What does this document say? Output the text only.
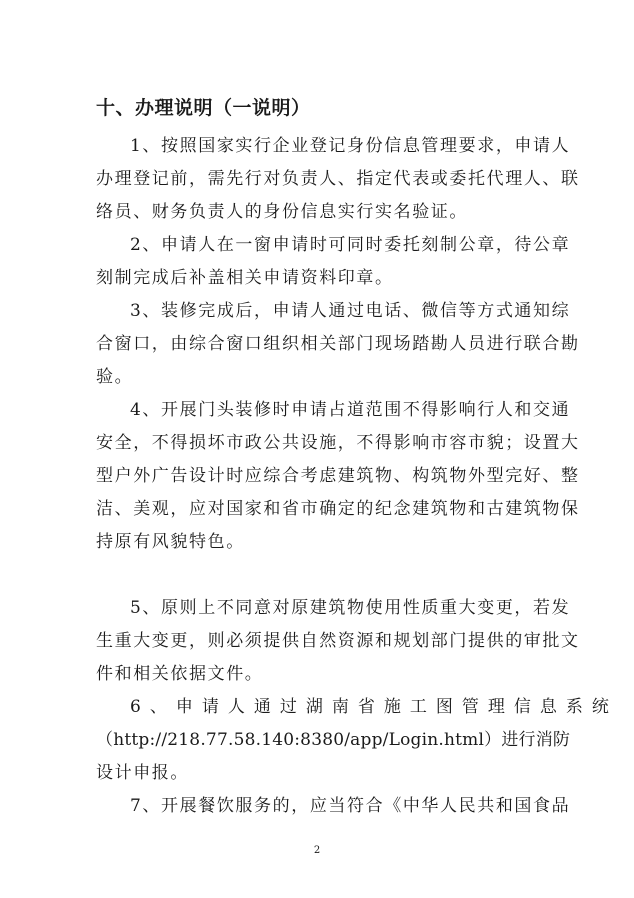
十、办理说明（一说明）
1、按照国家实行企业登记身份信息管理要求，申请人
办理登记前，需先行对负责人、指定代表或委托代理人、联
络员、财务负责人的身份信息实行实名验证。
2、申请人在一窗申请时可同时委托刻制公章，待公章
刻制完成后补盖相关申请资料印章。
3、装修完成后，申请人通过电话、微信等方式通知综
合窗口，由综合窗口组织相关部门现场踏勘人员进行联合勘
验。
4、开展门头装修时申请占道范围不得影响行人和交通
安全，不得损坏市政公共设施，不得影响市容市貌；设置大
型户外广告设计时应综合考虑建筑物、构筑物外型完好、整
洁、美观，应对国家和省市确定的纪念建筑物和古建筑物保
持原有风貌特色。
5、原则上不同意对原建筑物使用性质重大变更，若发
生重大变更，则必须提供自然资源和规划部门提供的审批文
件和相关依据文件。
6、申请人通过湖南省施工图管理信息系统
（http://218.77.58.140:8380/app/Login.html）进行消防
设计申报。
7、开展餐饮服务的，应当符合《中华人民共和国食品
2
